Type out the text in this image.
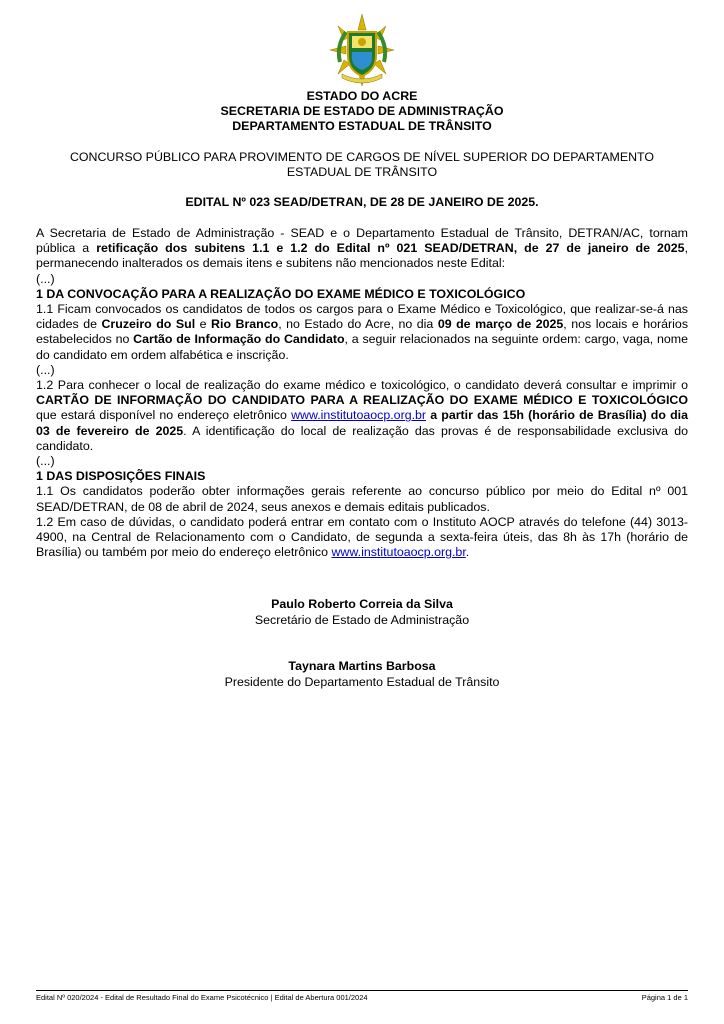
ESTADO DO ACRE
SECRETARIA DE ESTADO DE ADMINISTRAÇÃO
DEPARTAMENTO ESTADUAL DE TRÂNSITO
CONCURSO PÚBLICO PARA PROVIMENTO DE CARGOS DE NÍVEL SUPERIOR DO DEPARTAMENTO ESTADUAL DE TRÂNSITO
EDITAL Nº 023 SEAD/DETRAN, DE 28 DE JANEIRO DE 2025.

A Secretaria de Estado de Administração - SEAD e o Departamento Estadual de Trânsito, DETRAN/AC, tornam pública a retificação dos subitens 1.1 e 1.2 do Edital nº 021 SEAD/DETRAN, de 27 de janeiro de 2025, permanecendo inalterados os demais itens e subitens não mencionados neste Edital:

(...)

1 DA CONVOCAÇÃO PARA A REALIZAÇÃO DO EXAME MÉDICO E TOXICOLÓGICO

1.1 Ficam convocados os candidatos de todos os cargos para o Exame Médico e Toxicológico, que realizar-se-á nas cidades de Cruzeiro do Sul e Rio Branco, no Estado do Acre, no dia 09 de março de 2025, nos locais e horários estabelecidos no Cartão de Informação do Candidato, a seguir relacionados na seguinte ordem: cargo, vaga, nome do candidato em ordem alfabética e inscrição.

(...)

1.2 Para conhecer o local de realização do exame médico e toxicológico, o candidato deverá consultar e imprimir o CARTÃO DE INFORMAÇÃO DO CANDIDATO PARA A REALIZAÇÃO DO EXAME MÉDICO E TOXICOLÓGICO que estará disponível no endereço eletrônico www.institutoaocp.org.br a partir das 15h (horário de Brasília) do dia 03 de fevereiro de 2025. A identificação do local de realização das provas é de responsabilidade exclusiva do candidato.

(...)

1 DAS DISPOSIÇÕES FINAIS

1.1 Os candidatos poderão obter informações gerais referente ao concurso público por meio do Edital nº 001 SEAD/DETRAN, de 08 de abril de 2024, seus anexos e demais editais publicados.

1.2 Em caso de dúvidas, o candidato poderá entrar em contato com o Instituto AOCP através do telefone (44) 3013-4900, na Central de Relacionamento com o Candidato, de segunda a sexta-feira úteis, das 8h às 17h (horário de Brasília) ou também por meio do endereço eletrônico www.institutoaocp.org.br.

Paulo Roberto Correia da Silva
Secretário de Estado de Administração
Taynara Martins Barbosa
Presidente do Departamento Estadual de Trânsito
Edital Nº 020/2024 - Edital de Resultado Final do Exame Psicotécnico | Edital de Abertura 001/2024	Página 1 de 1
